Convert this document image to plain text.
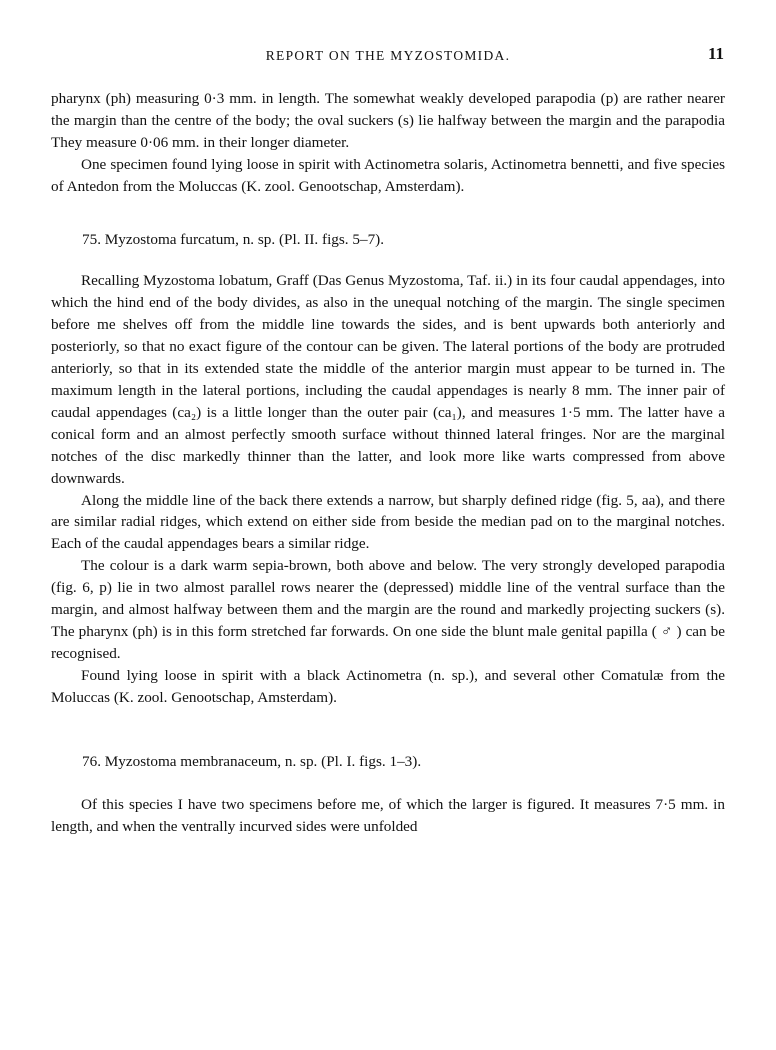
REPORT ON THE MYZOSTOMIDA.	11

pharynx (ph) measuring 0·3 mm. in length. The somewhat weakly developed parapodia (p) are rather nearer the margin than the centre of the body; the oval suckers (s) lie halfway between the margin and the parapodia They measure 0·06 mm. in their longer diameter.

One specimen found lying loose in spirit with Actinometra solaris, Actinometra bennetti, and five species of Antedon from the Moluccas (K. zool. Genootschap, Amsterdam).

75. Myzostoma furcatum, n. sp. (Pl. II. figs. 5–7).

Recalling Myzostoma lobatum, Graff (Das Genus Myzostoma, Taf. ii.) in its four caudal appendages, into which the hind end of the body divides, as also in the unequal notching of the margin. The single specimen before me shelves off from the middle line towards the sides, and is bent upwards both anteriorly and posteriorly, so that no exact figure of the contour can be given. The lateral portions of the body are protruded anteriorly, so that in its extended state the middle of the anterior margin must appear to be turned in. The maximum length in the lateral portions, including the caudal appendages is nearly 8 mm. The inner pair of caudal appendages (ca₂) is a little longer than the outer pair (ca₁), and measures 1·5 mm. The latter have a conical form and an almost perfectly smooth surface without thinned lateral fringes. Nor are the marginal notches of the disc markedly thinner than the latter, and look more like warts compressed from above downwards.

Along the middle line of the back there extends a narrow, but sharply defined ridge (fig. 5, aa), and there are similar radial ridges, which extend on either side from beside the median pad on to the marginal notches. Each of the caudal appendages bears a similar ridge.

The colour is a dark warm sepia-brown, both above and below. The very strongly developed parapodia (fig. 6, p) lie in two almost parallel rows nearer the (depressed) middle line of the ventral surface than the margin, and almost halfway between them and the margin are the round and markedly projecting suckers (s). The pharynx (ph) is in this form stretched far forwards. On one side the blunt male genital papilla ( ♂ ) can be recognised.

Found lying loose in spirit with a black Actinometra (n. sp.), and several other Comatulæ from the Moluccas (K. zool. Genootschap, Amsterdam).

76. Myzostoma membranaceum, n. sp. (Pl. I. figs. 1–3).

Of this species I have two specimens before me, of which the larger is figured. It measures 7·5 mm. in length, and when the ventrally incurved sides were unfolded
